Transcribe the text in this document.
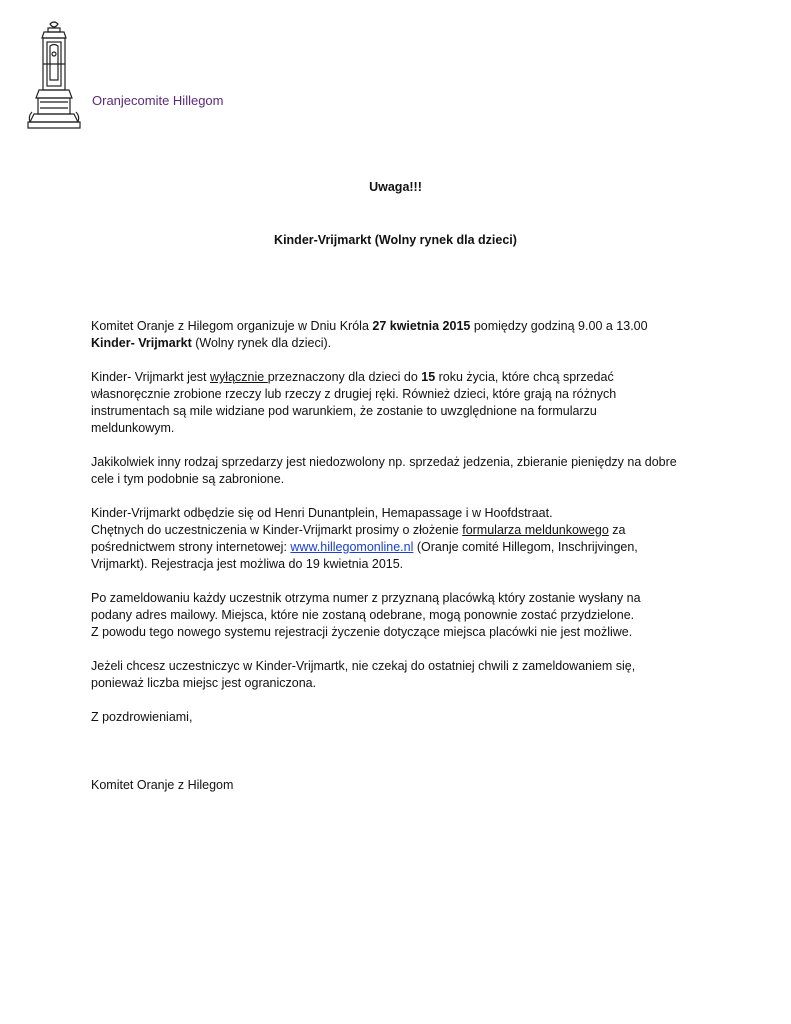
Oranjecomite Hillegom
Uwaga!!!
Kinder-Vrijmarkt (Wolny rynek dla dzieci)

Komitet Oranje z Hilegom organizuje w Dniu Króla 27 kwietnia 2015 pomiędzy godziną 9.00 a 13.00
Kinder- Vrijmarkt (Wolny rynek dla dzieci).

Kinder- Vrijmarkt jest wyłącznie przeznaczony dla dzieci do 15 roku życia, które chcą sprzedać
własnoręcznie zrobione rzeczy lub rzeczy z drugiej ręki. Również dzieci, które grają na różnych
instrumentach są mile widziane pod warunkiem, że zostanie to uwzględnione na formularzu
meldunkowym.

Jakikolwiek inny rodzaj sprzedarzy jest niedozwolony np. sprzedaż jedzenia, zbieranie pieniędzy na dobre
cele i tym podobnie są zabronione.

Kinder-Vrijmarkt odbędzie się od Henri Dunantplein, Hemapassage i w Hoofdstraat.
Chętnych do uczestniczenia w Kinder-Vrijmarkt prosimy o złożenie formularza meldunkowego za
pośrednictwem strony internetowej: www.hillegomonline.nl (Oranje comité Hillegom, Inschrijvingen,
Vrijmarkt). Rejestracja jest możliwa do 19 kwietnia 2015.

Po zameldowaniu każdy uczestnik otrzyma numer z przyznaną placówką który zostanie wysłany na
podany adres mailowy. Miejsca, które nie zostaną odebrane, mogą ponownie zostać przydzielone.
Z powodu tego nowego systemu rejestracji życzenie dotyczące miejsca placówki nie jest możliwe.

Jeżeli chcesz uczestniczyc w Kinder-Vrijmartk, nie czekaj do ostatniej chwili z zameldowaniem się,
ponieważ liczba miejsc jest ograniczona.

Z pozdrowieniami,

Komitet Oranje z Hilegom
